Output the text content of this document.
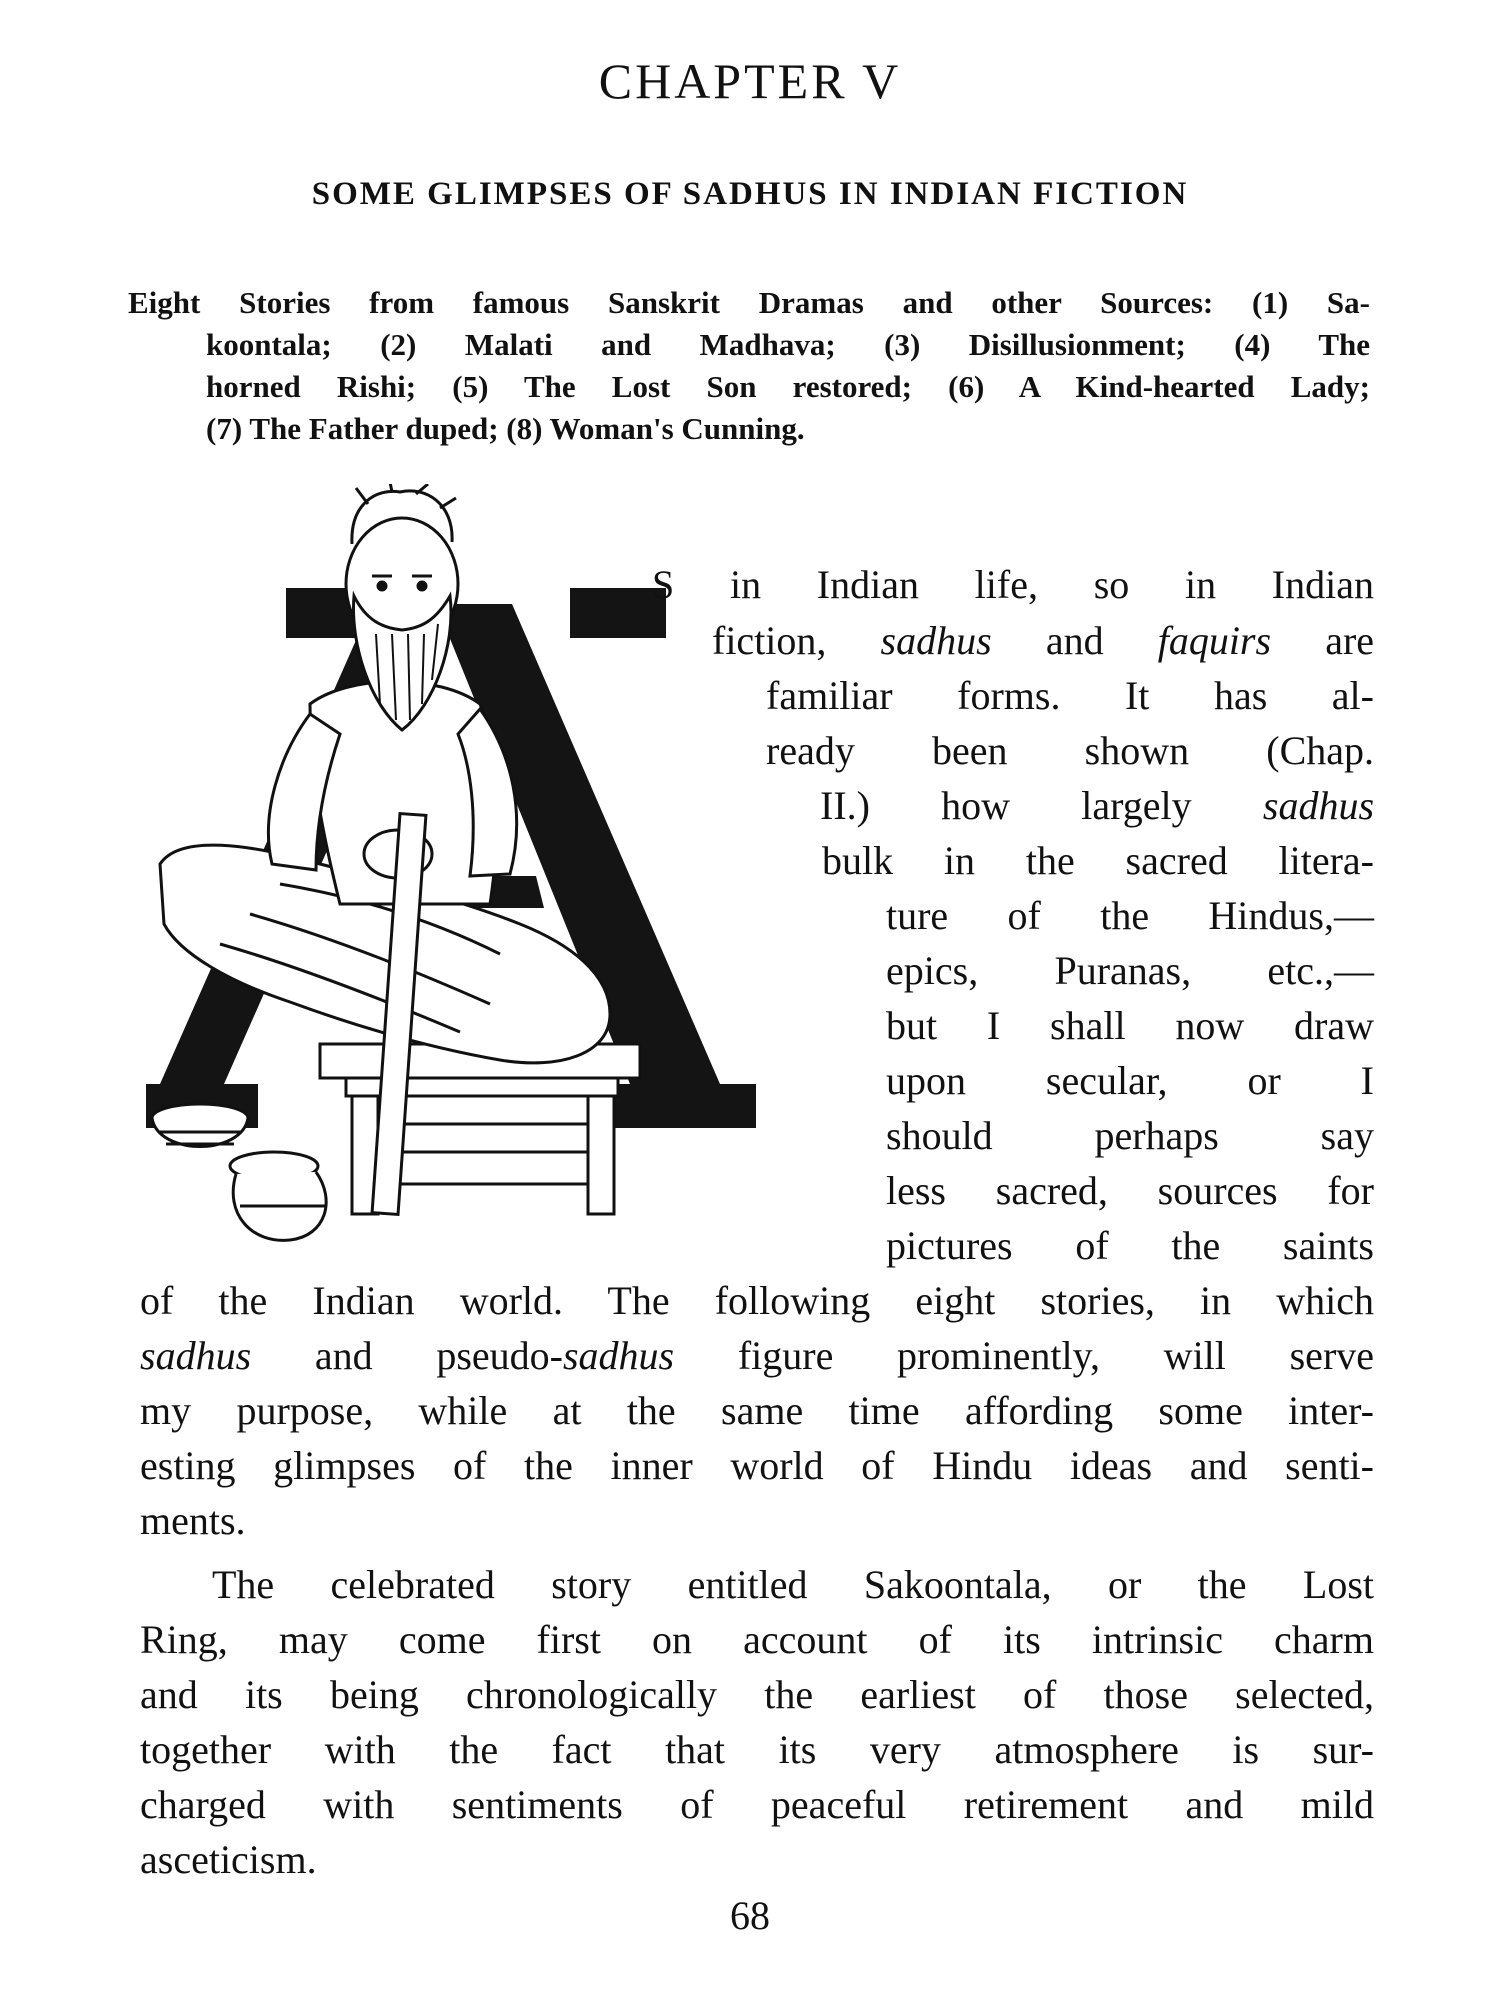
CHAPTER V
SOME GLIMPSES OF SADHUS IN INDIAN FICTION
Eight Stories from famous Sanskrit Dramas and other Sources: (1) Sa-
koontala; (2) Malati and Madhava; (3) Disillusionment; (4) The
horned Rishi; (5) The Lost Son restored; (6) A Kind-hearted Lady;
(7) The Father duped; (8) Woman's Cunning.
A
S in Indian life, so in Indian
fiction, sadhus and faquirs are
familiar forms. It has al-
ready been shown (Chap.
II.) how largely sadhus
bulk in the sacred litera-
ture of the Hindus,—
epics, Puranas, etc.,—
but I shall now draw
upon secular, or I
should perhaps say
less sacred, sources for
pictures of the saints
of the Indian world. The following eight stories, in which
sadhus and pseudo-sadhus figure prominently, will serve
my purpose, while at the same time affording some inter-
esting glimpses of the inner world of Hindu ideas and senti-
ments.
The celebrated story entitled Sakoontala, or the Lost
Ring, may come first on account of its intrinsic charm
and its being chronologically the earliest of those selected,
together with the fact that its very atmosphere is sur-
charged with sentiments of peaceful retirement and mild
asceticism.
68
